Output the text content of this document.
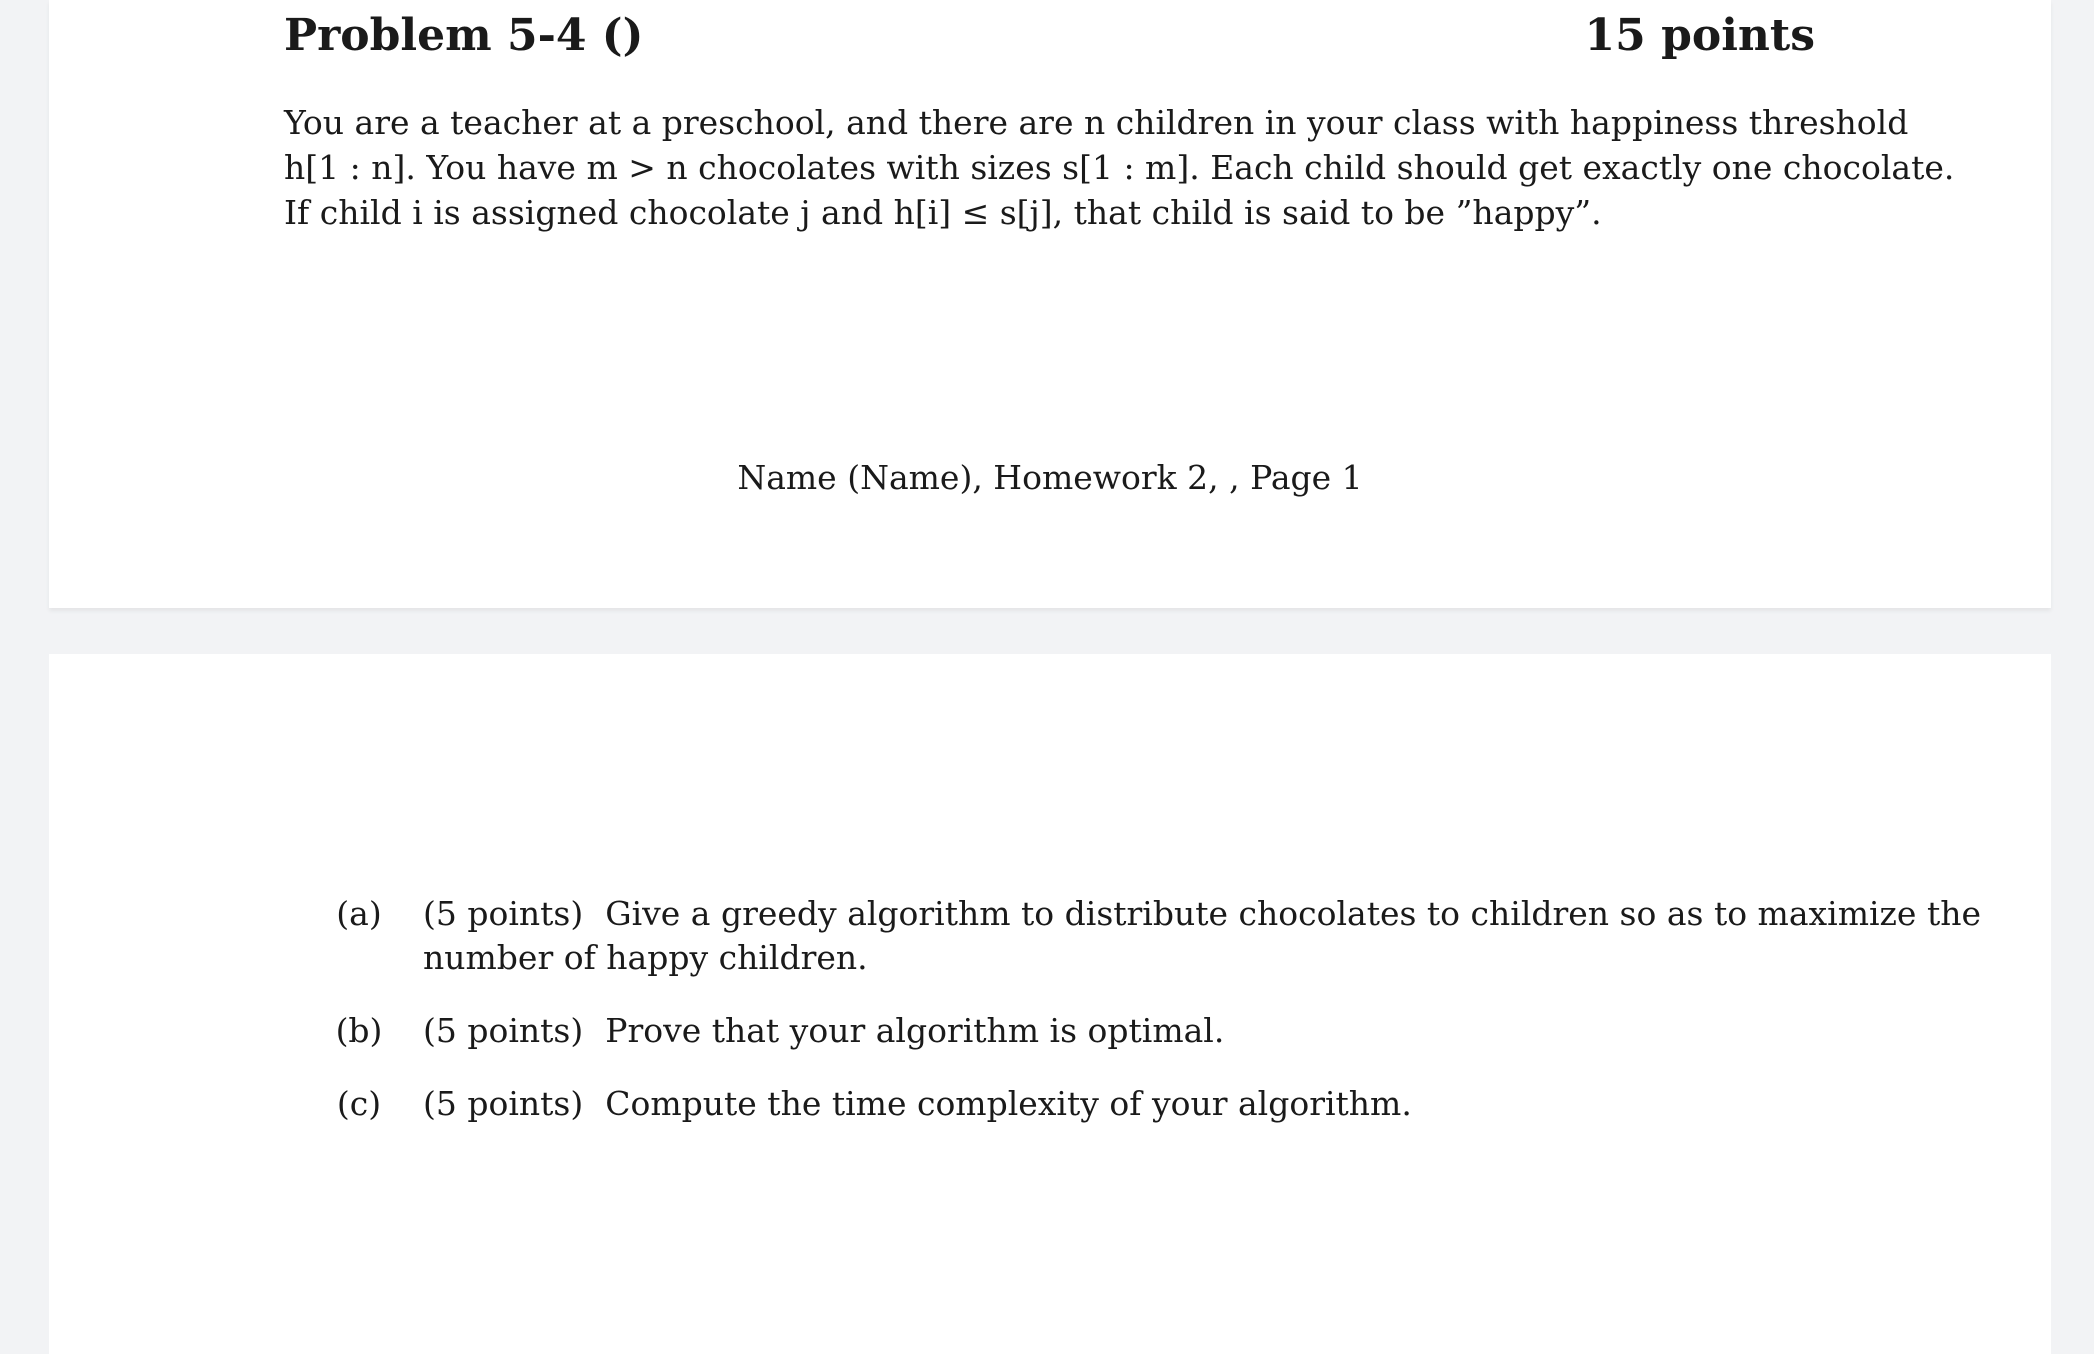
Problem 5-4 ()	15 points
You are a teacher at a preschool, and there are n children in your class with happiness threshold
h[1 : n]. You have m > n chocolates with sizes s[1 : m]. Each child should get exactly one chocolate.
If child i is assigned chocolate j and h[i] ≤ s[j], that child is said to be ”happy”.
Name (Name), Homework 2, , Page 1
(a) (5 points) Give a greedy algorithm to distribute chocolates to children so as to maximize the
number of happy children.
(b) (5 points) Prove that your algorithm is optimal.
(c) (5 points) Compute the time complexity of your algorithm.
